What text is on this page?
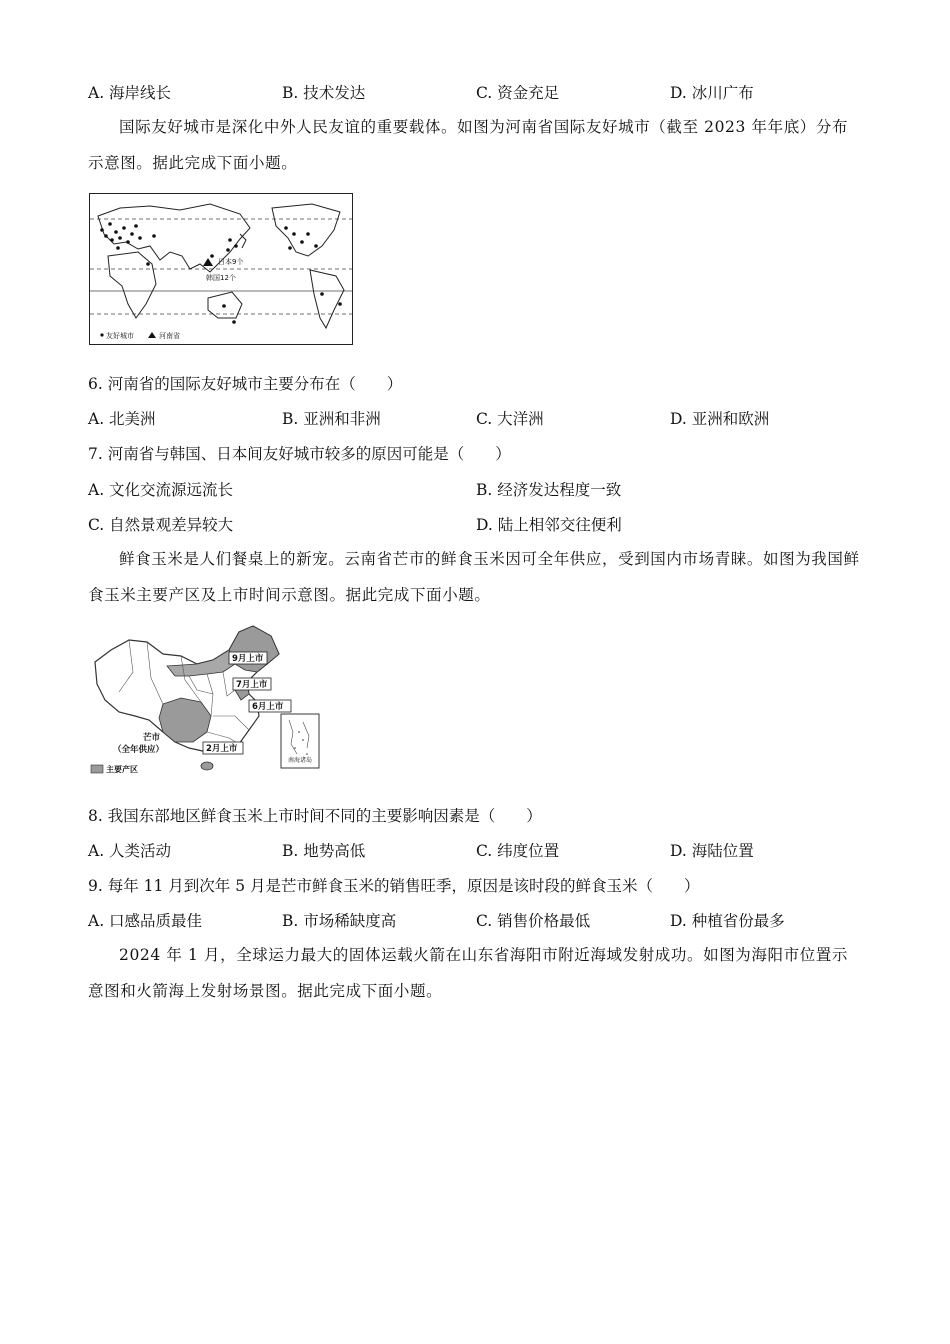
A. 海岸线长	B. 技术发达	C. 资金充足	D. 冰川广布
国际友好城市是深化中外人民友谊的重要载体。如图为河南省国际友好城市（截至 2023 年年底）分布示意图。据此完成下面小题。
日本9个
韩国12个
友好城市	河南省
6. 河南省的国际友好城市主要分布在（　　）
A. 北美洲	B. 亚洲和非洲	C. 大洋洲	D. 亚洲和欧洲
7. 河南省与韩国、日本间友好城市较多的原因可能是（　　）
A. 文化交流源远流长	B. 经济发达程度一致
C. 自然景观差异较大	D. 陆上相邻交往便利
鲜食玉米是人们餐桌上的新宠。云南省芒市的鲜食玉米因可全年供应，受到国内市场青睐。如图为我国鲜食玉米主要产区及上市时间示意图。据此完成下面小题。
9月上市
7月上市
6月上市
2月上市
芒市
（全年供应）
南海诸岛
主要产区
8. 我国东部地区鲜食玉米上市时间不同的主要影响因素是（　　）
A. 人类活动	B. 地势高低	C. 纬度位置	D. 海陆位置
9. 每年 11 月到次年 5 月是芒市鲜食玉米的销售旺季，原因是该时段的鲜食玉米（　　）
A. 口感品质最佳	B. 市场稀缺度高	C. 销售价格最低	D. 种植省份最多
2024 年 1 月，全球运力最大的固体运载火箭在山东省海阳市附近海域发射成功。如图为海阳市位置示意图和火箭海上发射场景图。据此完成下面小题。
